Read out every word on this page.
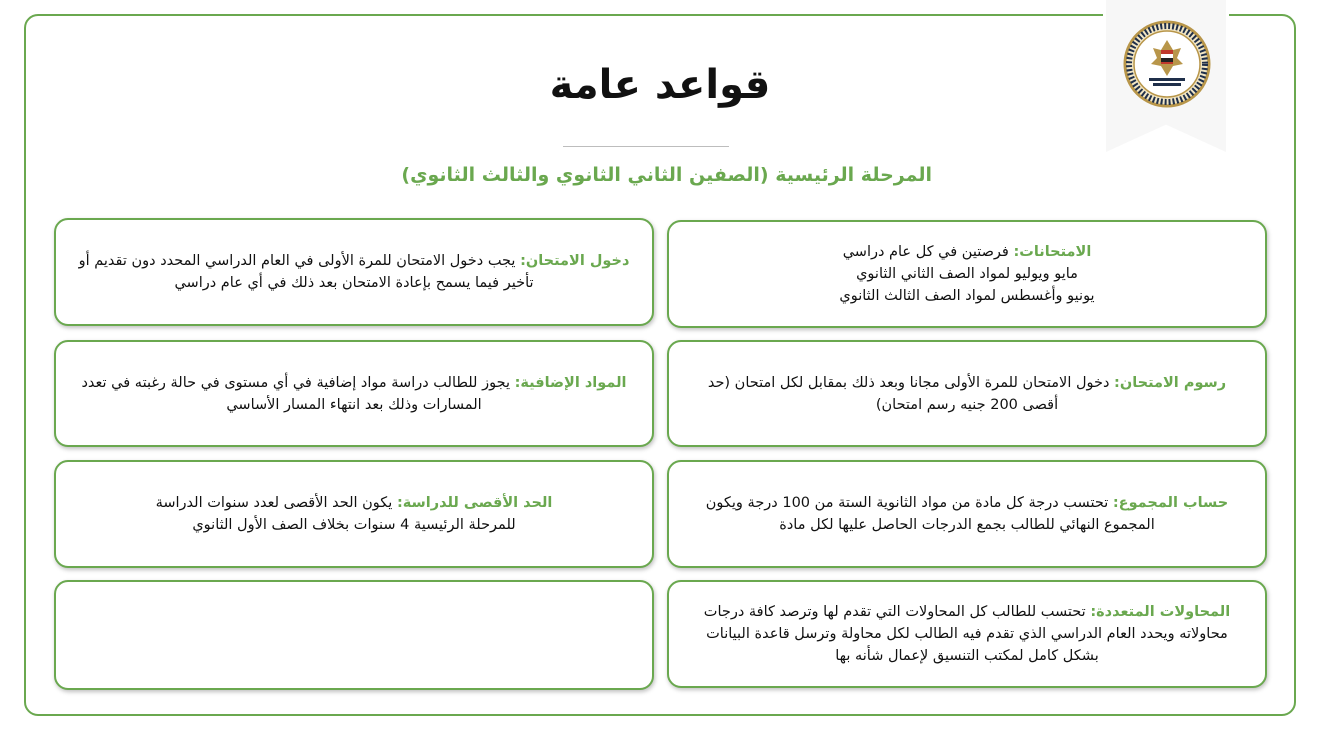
قواعد عامة
المرحلة الرئيسية (الصفين الثاني الثانوي والثالث الثانوي)
الامتحانات: فرصتين في كل عام دراسي
مايو ويوليو لمواد الصف الثاني الثانوي
يونيو وأغسطس لمواد الصف الثالث الثانوي
رسوم الامتحان: دخول الامتحان للمرة الأولى مجانا وبعد ذلك بمقابل لكل امتحان (حد أقصى 200 جنيه رسم امتحان)
حساب المجموع: تحتسب درجة كل مادة من مواد الثانوية الستة من 100 درجة ويكون المجموع النهائي للطالب بجمع الدرجات الحاصل عليها لكل مادة
المحاولات المتعددة: تحتسب للطالب كل المحاولات التي تقدم لها وترصد كافة درجات محاولاته ويحدد العام الدراسي الذي تقدم فيه الطالب لكل محاولة وترسل قاعدة البيانات بشكل كامل لمكتب التنسيق لإعمال شأنه بها
دخول الامتحان: يجب دخول الامتحان للمرة الأولى في العام الدراسي المحدد دون تقديم أو تأخير فيما يسمح بإعادة الامتحان بعد ذلك في أي عام دراسي
المواد الإضافية: يجوز للطالب دراسة مواد إضافية في أي مستوى في حالة رغبته في تعدد المسارات وذلك بعد انتهاء المسار الأساسي
الحد الأقصى للدراسة: يكون الحد الأقصى لعدد سنوات الدراسة
للمرحلة الرئيسية 4 سنوات بخلاف الصف الأول الثانوي
